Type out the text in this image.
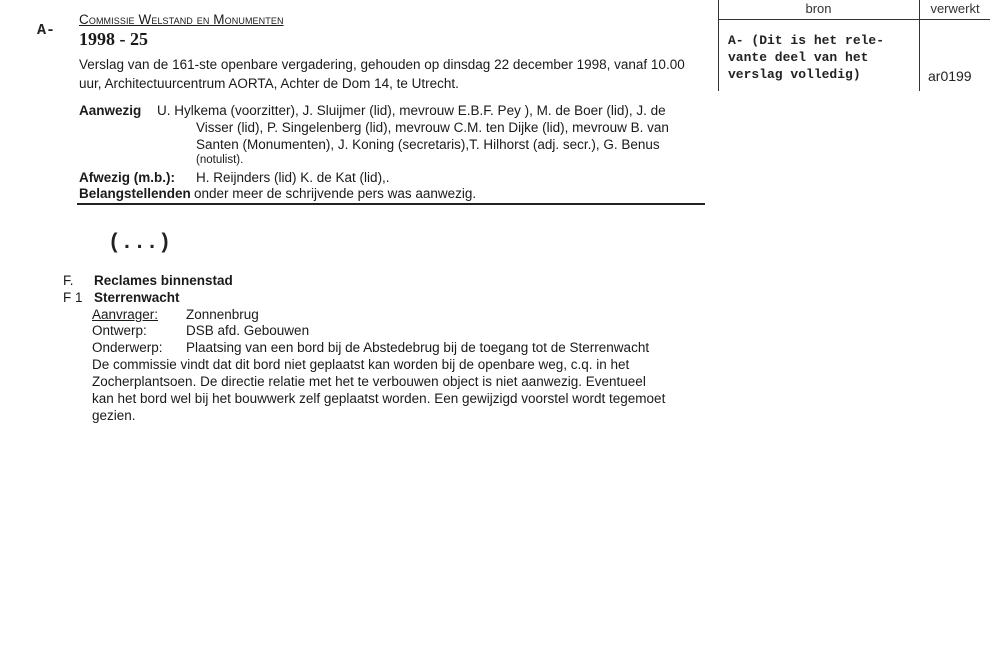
A-
Commissie Welstand en Monumenten
1998 - 25
Verslag van de 161-ste openbare vergadering, gehouden op dinsdag 22 december 1998, vanaf 10.00
uur, Architectuurcentrum AORTA, Achter de Dom 14, te Utrecht.
Aanwezig U. Hylkema (voorzitter), J. Sluijmer (lid), mevrouw E.B.F. Pey ), M. de Boer (lid), J. de
Visser (lid), P. Singelenberg (lid), mevrouw C.M. ten Dijke (lid), mevrouw B. van
Santen (Monumenten), J. Koning (secretaris),T. Hilhorst (adj. secr.), G. Benus
(notulist).
Afwezig (m.b.): H. Reijnders (lid) K. de Kat (lid),.
Belangstellenden onder meer de schrijvende pers was aanwezig.
(...)
F. Reclames binnenstad
F 1 Sterrenwacht
Aanvrager: Zonnenbrug
Ontwerp:	DSB afd. Gebouwen
Onderwerp: Plaatsing van een bord bij de Abstedebrug bij de toegang tot de Sterrenwacht
De commissie vindt dat dit bord niet geplaatst kan worden bij de openbare weg, c.q. in het
Zocherplantsoen. De directie relatie met het te verbouwen object is niet aanwezig. Eventueel
kan het bord wel bij het bouwwerk zelf geplaatst worden. Een gewijzigd voorstel wordt tegemoet
gezien.
bron	verwerkt
A- (Dit is het rele-
vante deel van het
verslag volledig)	ar0199
